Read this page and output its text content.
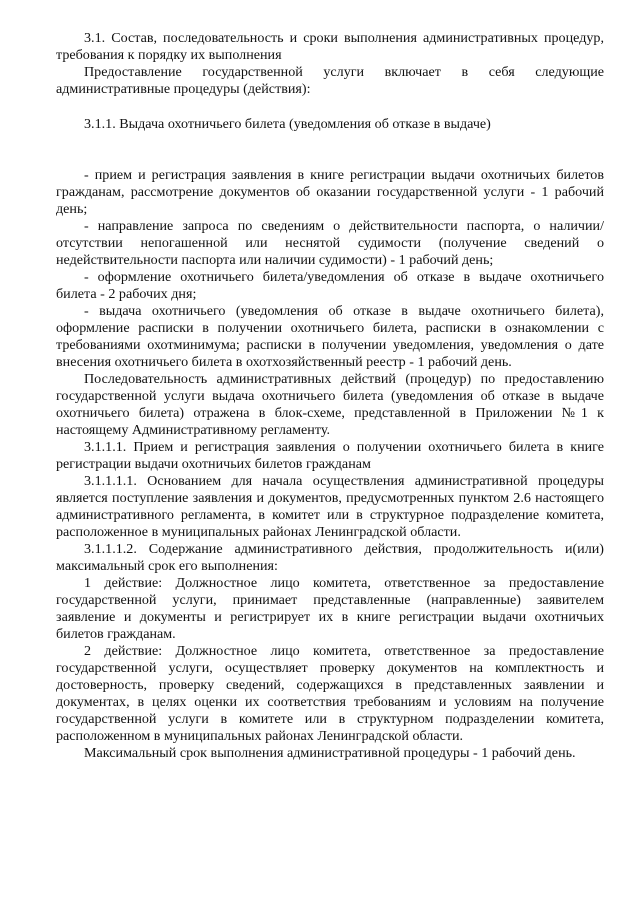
3.1. Состав, последовательность и сроки выполнения административных процедур, требования к порядку их выполнения

Предоставление государственной услуги включает в себя следующие административные процедуры (действия):

3.1.1. Выдача охотничьего билета (уведомления об отказе в выдаче)

- прием и регистрация заявления в книге регистрации выдачи охотничьих билетов гражданам, рассмотрение документов об оказании государственной услуги - 1 рабочий день;

- направление запроса по сведениям о действительности паспорта, о наличии/отсутствии непогашенной или неснятой судимости (получение сведений о недействительности паспорта или наличии судимости) - 1 рабочий день;

- оформление охотничьего билета/уведомления об отказе в выдаче охотничьего билета - 2 рабочих дня;

- выдача охотничьего (уведомления об отказе в выдаче охотничьего билета), оформление расписки в получении охотничьего билета, расписки в ознакомлении с требованиями охотминимума; расписки в получении уведомления, уведомления о дате внесения охотничьего билета в охотхозяйственный реестр - 1 рабочий день.

Последовательность административных действий (процедур) по предоставлению государственной услуги выдача охотничьего билета (уведомления об отказе в выдаче охотничьего билета) отражена в блок-схеме, представленной в Приложении №1 к настоящему Административному регламенту.

3.1.1.1. Прием и регистрация заявления о получении охотничьего билета в книге регистрации выдачи охотничьих билетов гражданам

3.1.1.1.1. Основанием для начала осуществления административной процедуры является поступление заявления и документов, предусмотренных пунктом 2.6 настоящего административного регламента, в комитет или в структурное подразделение комитета, расположенное в муниципальных районах Ленинградской области.

3.1.1.1.2. Содержание административного действия, продолжительность и(или) максимальный срок его выполнения:

1 действие: Должностное лицо комитета, ответственное за предоставление государственной услуги, принимает представленные (направленные) заявителем заявление и документы и регистрирует их в книге регистрации выдачи охотничьих билетов гражданам.

2 действие: Должностное лицо комитета, ответственное за предоставление государственной услуги, осуществляет проверку документов на комплектность и достоверность, проверку сведений, содержащихся в представленных заявлении и документах, в целях оценки их соответствия требованиям и условиям на получение государственной услуги в комитете или в структурном подразделении комитета, расположенном в муниципальных районах Ленинградской области.

Максимальный срок выполнения административной процедуры - 1 рабочий день.
